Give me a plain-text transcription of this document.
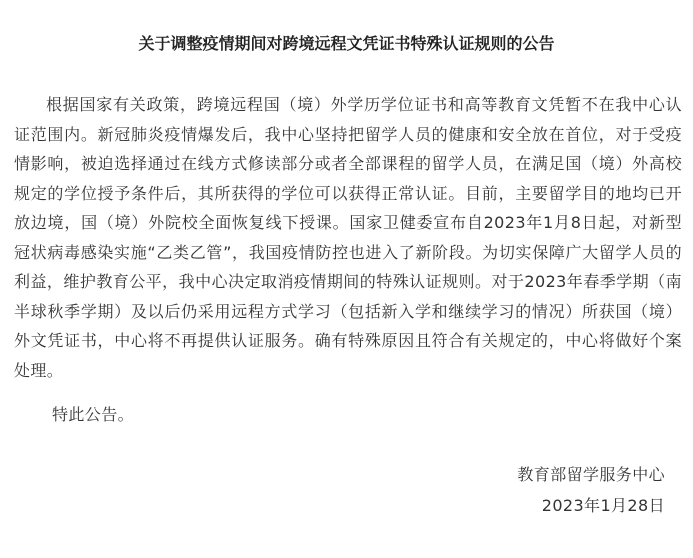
关于调整疫情期间对跨境远程文凭证书特殊认证规则的公告

根据国家有关政策，跨境远程国（境）外学历学位证书和高等教育文凭暂不在我中心认证范围内。新冠肺炎疫情爆发后，我中心坚持把留学人员的健康和安全放在首位，对于受疫情影响，被迫选择通过在线方式修读部分或者全部课程的留学人员，在满足国（境）外高校规定的学位授予条件后，其所获得的学位可以获得正常认证。目前，主要留学目的地均已开放边境，国（境）外院校全面恢复线下授课。国家卫健委宣布自2023年1月8日起，对新型冠状病毒感染实施“乙类乙管”，我国疫情防控也进入了新阶段。为切实保障广大留学人员的利益，维护教育公平，我中心决定取消疫情期间的特殊认证规则。对于2023年春季学期（南半球秋季学期）及以后仍采用远程方式学习（包括新入学和继续学习的情况）所获国（境）外文凭证书，中心将不再提供认证服务。确有特殊原因且符合有关规定的，中心将做好个案处理。

特此公告。
教育部留学服务中心
2023年1月28日
